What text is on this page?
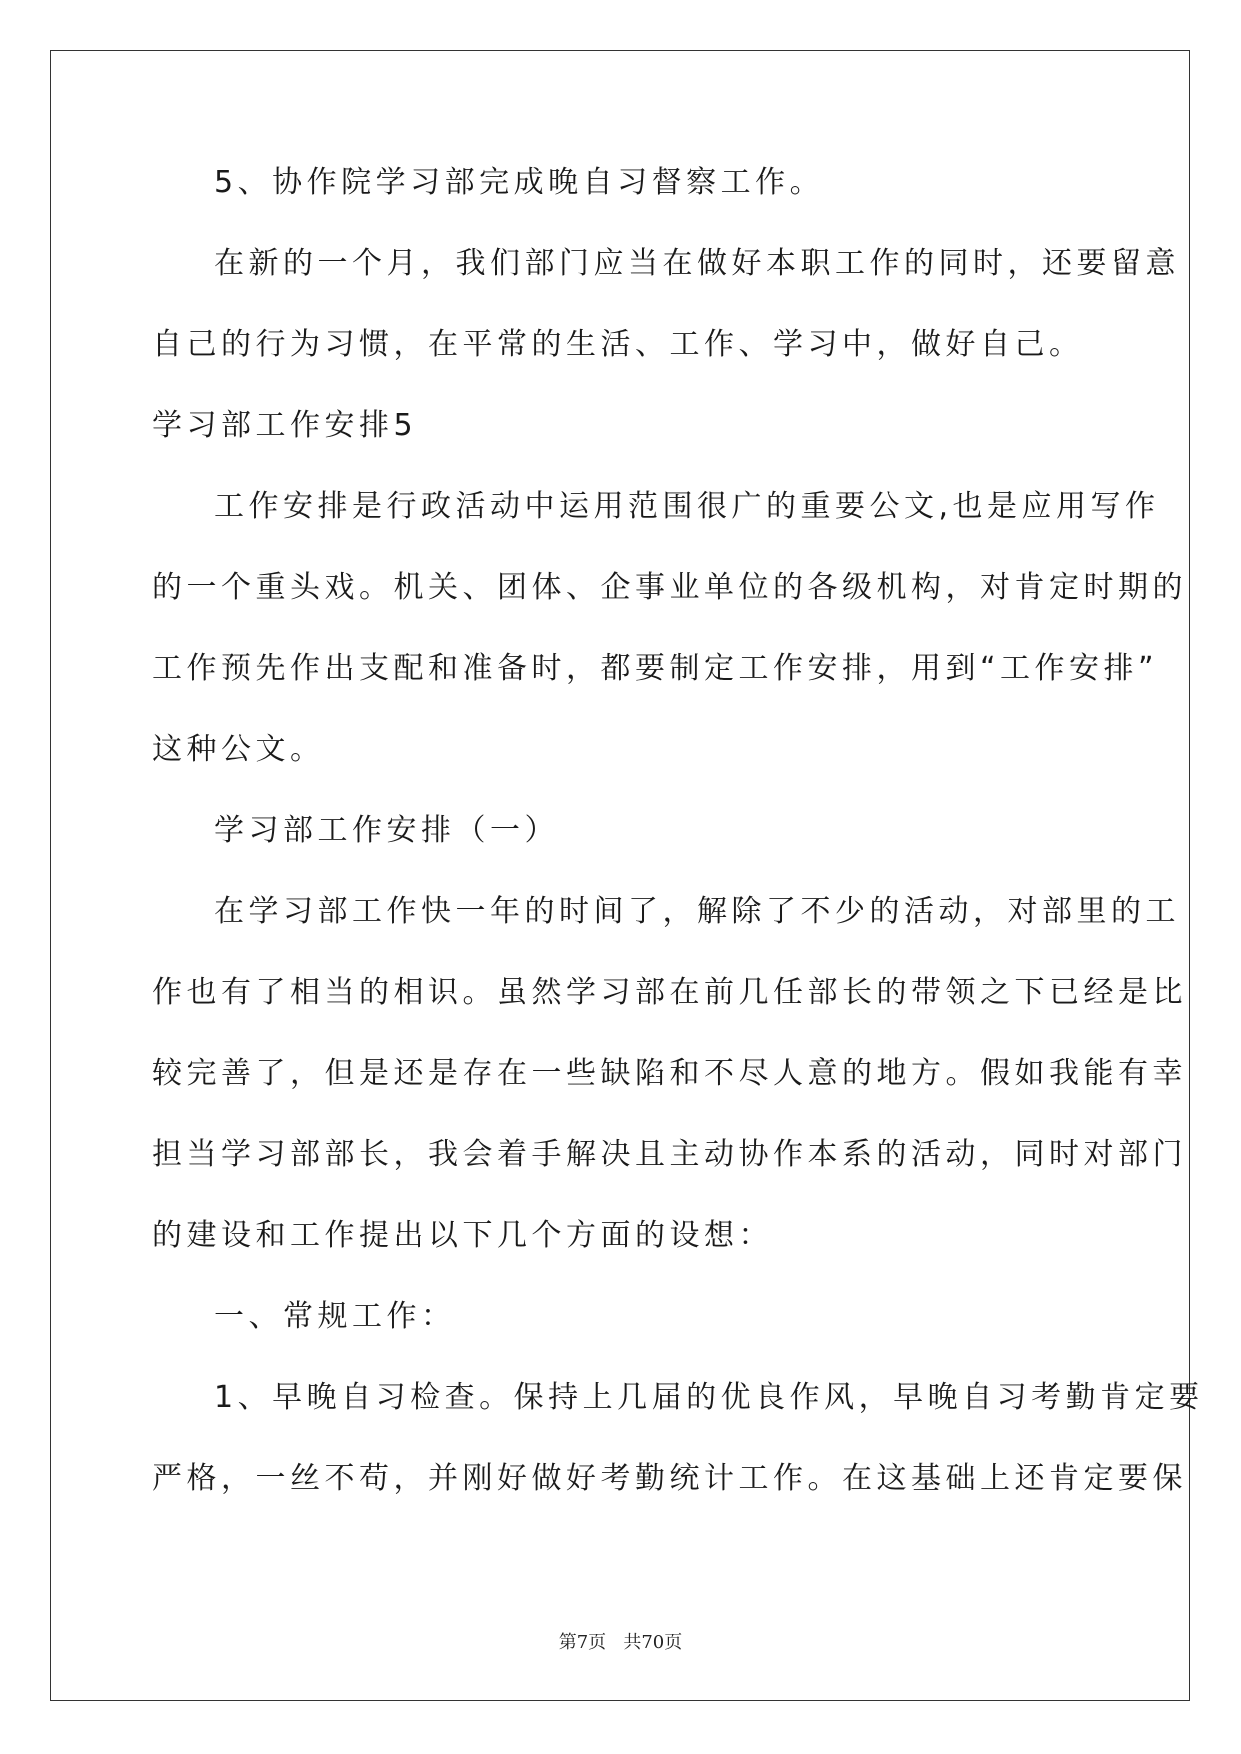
5、协作院学习部完成晚自习督察工作。
在新的一个月，我们部门应当在做好本职工作的同时，还要留意
自己的行为习惯，在平常的生活、工作、学习中，做好自己。
学习部工作安排5
工作安排是行政活动中运用范围很广的重要公文,也是应用写作
的一个重头戏。机关、团体、企事业单位的各级机构，对肯定时期的
工作预先作出支配和准备时，都要制定工作安排，用到“工作安排”
这种公文。
学习部工作安排（一）
在学习部工作快一年的时间了，解除了不少的活动，对部里的工
作也有了相当的相识。虽然学习部在前几任部长的带领之下已经是比
较完善了，但是还是存在一些缺陷和不尽人意的地方。假如我能有幸
担当学习部部长，我会着手解决且主动协作本系的活动，同时对部门
的建设和工作提出以下几个方面的设想：
一、常规工作：
1、早晚自习检查。保持上几届的优良作风，早晚自习考勤肯定要
严格，一丝不苟，并刚好做好考勤统计工作。在这基础上还肯定要保
第7页   共70页
